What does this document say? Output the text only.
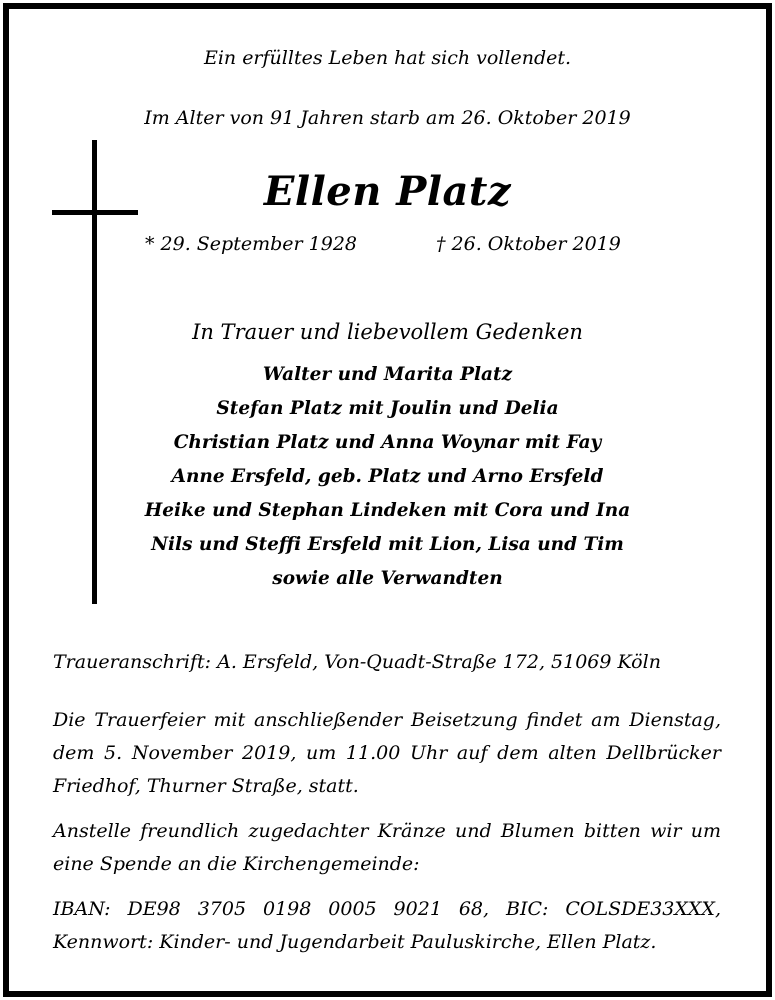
Ein erfülltes Leben hat sich vollendet.
Im Alter von 91 Jahren starb am 26. Oktober 2019
Ellen Platz
* 29. September 1928	† 26. Oktober 2019
In Trauer und liebevollem Gedenken
Walter und Marita Platz
Stefan Platz mit Joulin und Delia
Christian Platz und Anna Woynar mit Fay
Anne Ersfeld, geb. Platz und Arno Ersfeld
Heike und Stephan Lindeken mit Cora und Ina
Nils und Steffi Ersfeld mit Lion, Lisa und Tim
sowie alle Verwandten
Traueranschrift: A. Ersfeld, Von-Quadt-Straße 172, 51069 Köln
Die Trauerfeier mit anschließender Beisetzung findet am Dienstag,
dem 5. November 2019, um 11.00 Uhr auf dem alten Dellbrücker
Friedhof, Thurner Straße, statt.
Anstelle freundlich zugedachter Kränze und Blumen bitten wir um
eine Spende an die Kirchengemeinde:
IBAN: DE98 3705 0198 0005 9021 68, BIC: COLSDE33XXX,
Kennwort: Kinder- und Jugendarbeit Pauluskirche, Ellen Platz.
